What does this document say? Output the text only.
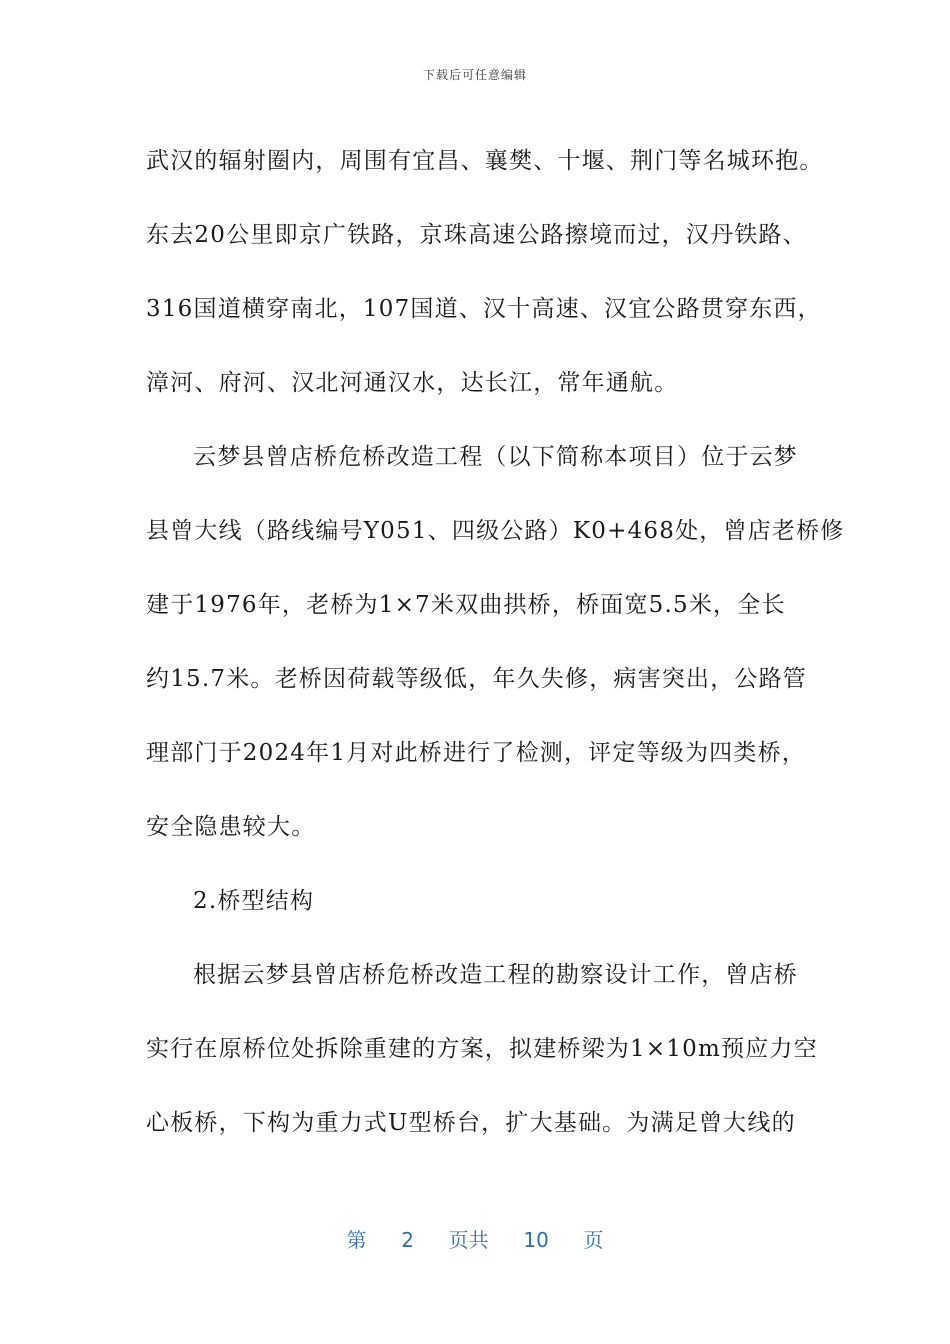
下载后可任意编辑
武汉的辐射圈内，周围有宜昌、襄樊、十堰、荆门等名城环抱。
东去20公里即京广铁路，京珠高速公路擦境而过，汉丹铁路、
316国道横穿南北，107国道、汉十高速、汉宜公路贯穿东西，
漳河、府河、汉北河通汉水，达长江，常年通航。
云梦县曾店桥危桥改造工程（以下简称本项目）位于云梦
县曾大线（路线编号Y051、四级公路）K0+468处，曾店老桥修
建于1976年，老桥为1×7米双曲拱桥，桥面宽5.5米，全长
约15.7米。老桥因荷载等级低，年久失修，病害突出，公路管
理部门于2024年1月对此桥进行了检测，评定等级为四类桥，
安全隐患较大。
2.桥型结构
根据云梦县曾店桥危桥改造工程的勘察设计工作，曾店桥
实行在原桥位处拆除重建的方案，拟建桥梁为1×10m预应力空
心板桥，下构为重力式U型桥台，扩大基础。为满足曾大线的
第 2 页共 10 页
